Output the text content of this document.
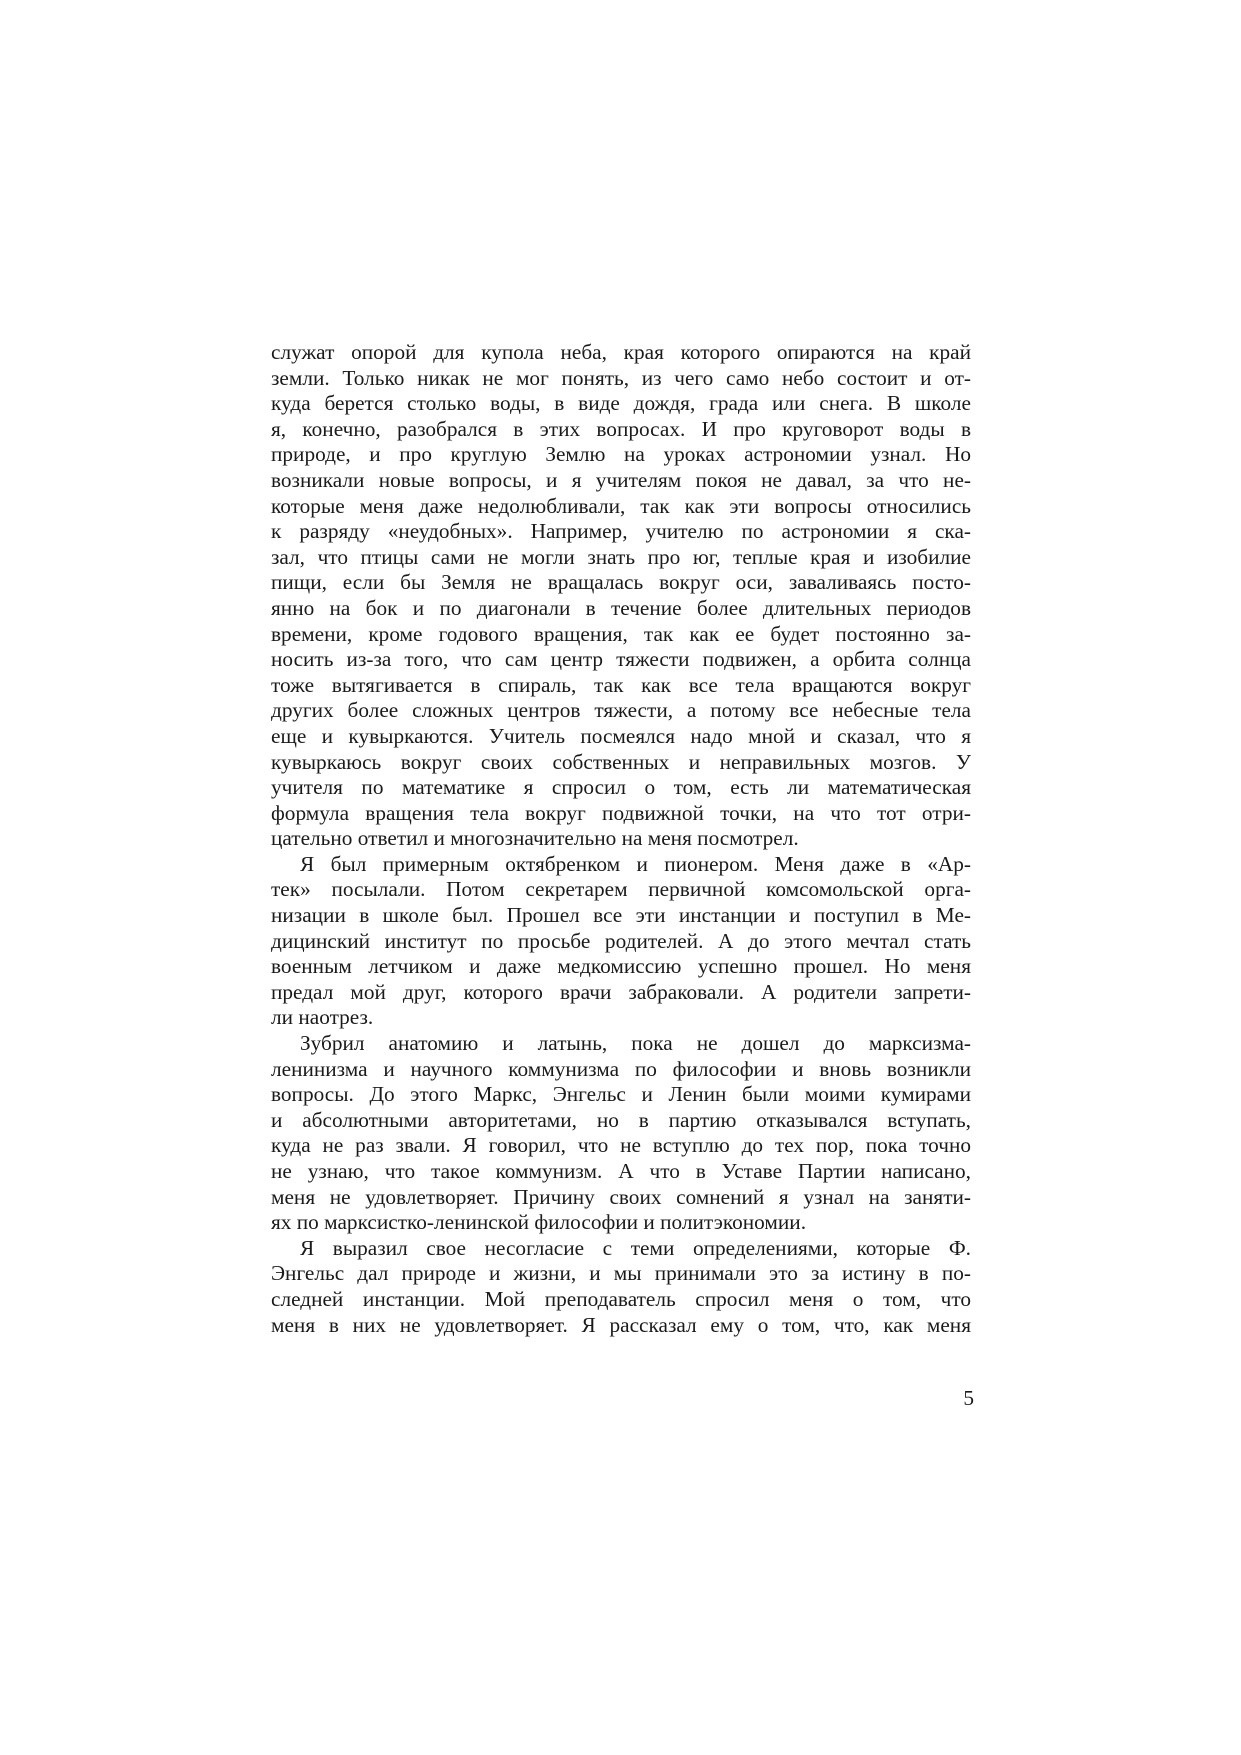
служат опорой для купола неба, края которого опираются на край
земли. Только никак не мог понять, из чего само небо состоит и от-
куда берется столько воды, в виде дождя, града или снега. В школе
я, конечно, разобрался в этих вопросах. И про круговорот воды в
природе, и про круглую Землю на уроках астрономии узнал. Но
возникали новые вопросы, и я учителям покоя не давал, за что не-
которые меня даже недолюбливали, так как эти вопросы относились
к разряду «неудобных». Например, учителю по астрономии я ска-
зал, что птицы сами не могли знать про юг, теплые края и изобилие
пищи, если бы Земля не вращалась вокруг оси, заваливаясь посто-
янно на бок и по диагонали в течение более длительных периодов
времени, кроме годового вращения, так как ее будет постоянно за-
носить из-за того, что сам центр тяжести подвижен, а орбита солнца
тоже вытягивается в спираль, так как все тела вращаются вокруг
других более сложных центров тяжести, а потому все небесные тела
еще и кувыркаются. Учитель посмеялся надо мной и сказал, что я
кувыркаюсь вокруг своих собственных и неправильных мозгов. У
учителя по математике я спросил о том, есть ли математическая
формула вращения тела вокруг подвижной точки, на что тот отри-
цательно ответил и многозначительно на меня посмотрел.
Я был примерным октябренком и пионером. Меня даже в «Ар-
тек» посылали. Потом секретарем первичной комсомольской орга-
низации в школе был. Прошел все эти инстанции и поступил в Ме-
дицинский институт по просьбе родителей. А до этого мечтал стать
военным летчиком и даже медкомиссию успешно прошел. Но меня
предал мой друг, которого врачи забраковали. А родители запрети-
ли наотрез.
Зубрил анатомию и латынь, пока не дошел до марксизма-
ленинизма и научного коммунизма по философии и вновь возникли
вопросы. До этого Маркс, Энгельс и Ленин были моими кумирами
и абсолютными авторитетами, но в партию отказывался вступать,
куда не раз звали. Я говорил, что не вступлю до тех пор, пока точно
не узнаю, что такое коммунизм. А что в Уставе Партии написано,
меня не удовлетворяет. Причину своих сомнений я узнал на заняти-
ях по марксистко-ленинской философии и политэкономии.
Я выразил свое несогласие с теми определениями, которые Ф.
Энгельс дал природе и жизни, и мы принимали это за истину в по-
следней инстанции. Мой преподаватель спросил меня о том, что
меня в них не удовлетворяет. Я рассказал ему о том, что, как меня
5
